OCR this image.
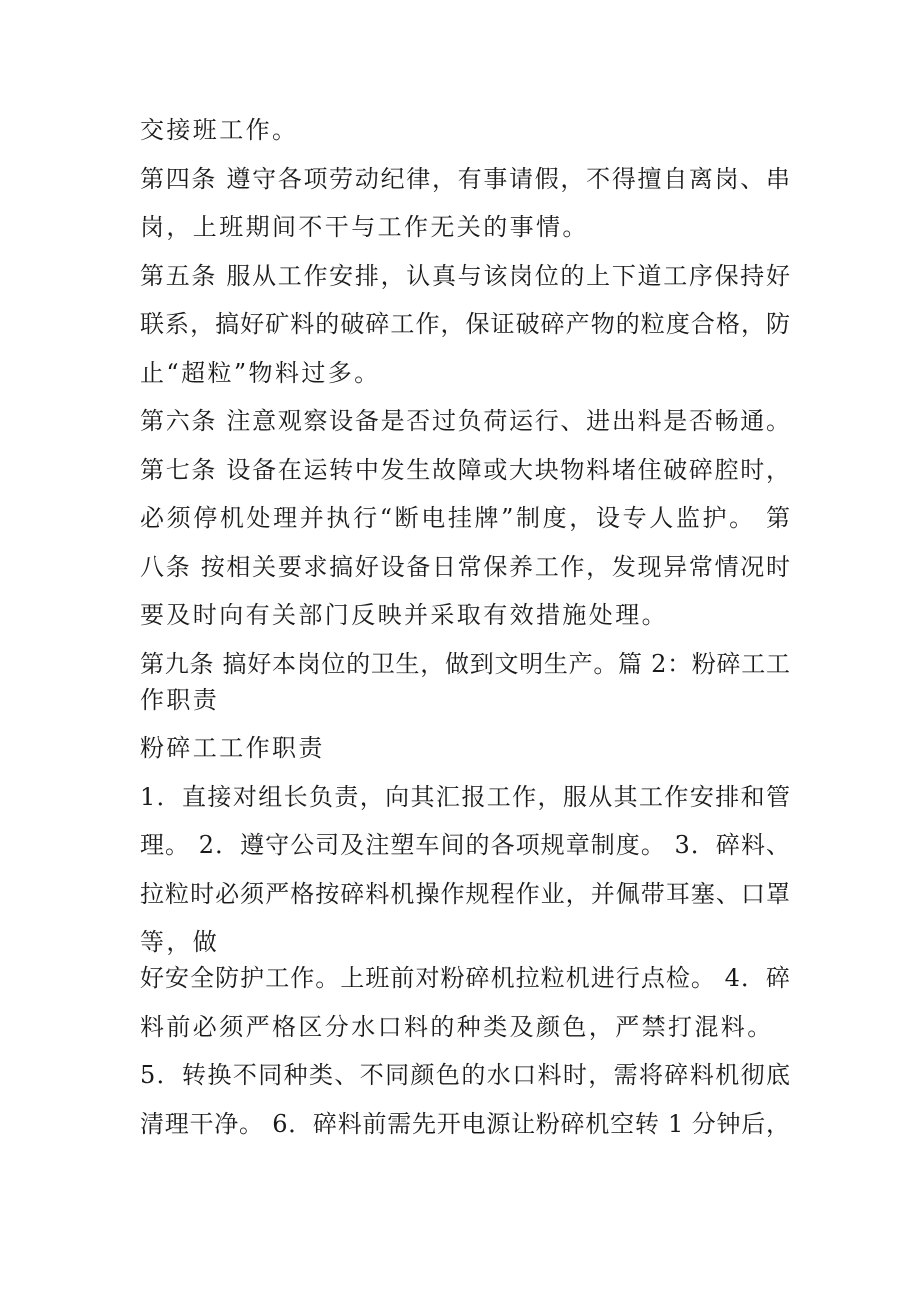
交接班工作。
第四条 遵守各项劳动纪律，有事请假，不得擅自离岗、串
岗，上班期间不干与工作无关的事情。
第五条 服从工作安排，认真与该岗位的上下道工序保持好
联系，搞好矿料的破碎工作，保证破碎产物的粒度合格，防
止“超粒”物料过多。
第六条 注意观察设备是否过负荷运行、进出料是否畅通。
第七条 设备在运转中发生故障或大块物料堵住破碎腔时，
必须停机处理并执行“断电挂牌”制度，设专人监护。 第
八条 按相关要求搞好设备日常保养工作，发现异常情况时
要及时向有关部门反映并采取有效措施处理。
第九条 搞好本岗位的卫生，做到文明生产。篇 2：粉碎工工
作职责
粉碎工工作职责
1．直接对组长负责，向其汇报工作，服从其工作安排和管
理。 2．遵守公司及注塑车间的各项规章制度。 3．碎料、
拉粒时必须严格按碎料机操作规程作业，并佩带耳塞、口罩
等，做
好安全防护工作。上班前对粉碎机拉粒机进行点检。 4．碎
料前必须严格区分水口料的种类及颜色，严禁打混料。
5．转换不同种类、不同颜色的水口料时，需将碎料机彻底
清理干净。 6．碎料前需先开电源让粉碎机空转 1 分钟后，
